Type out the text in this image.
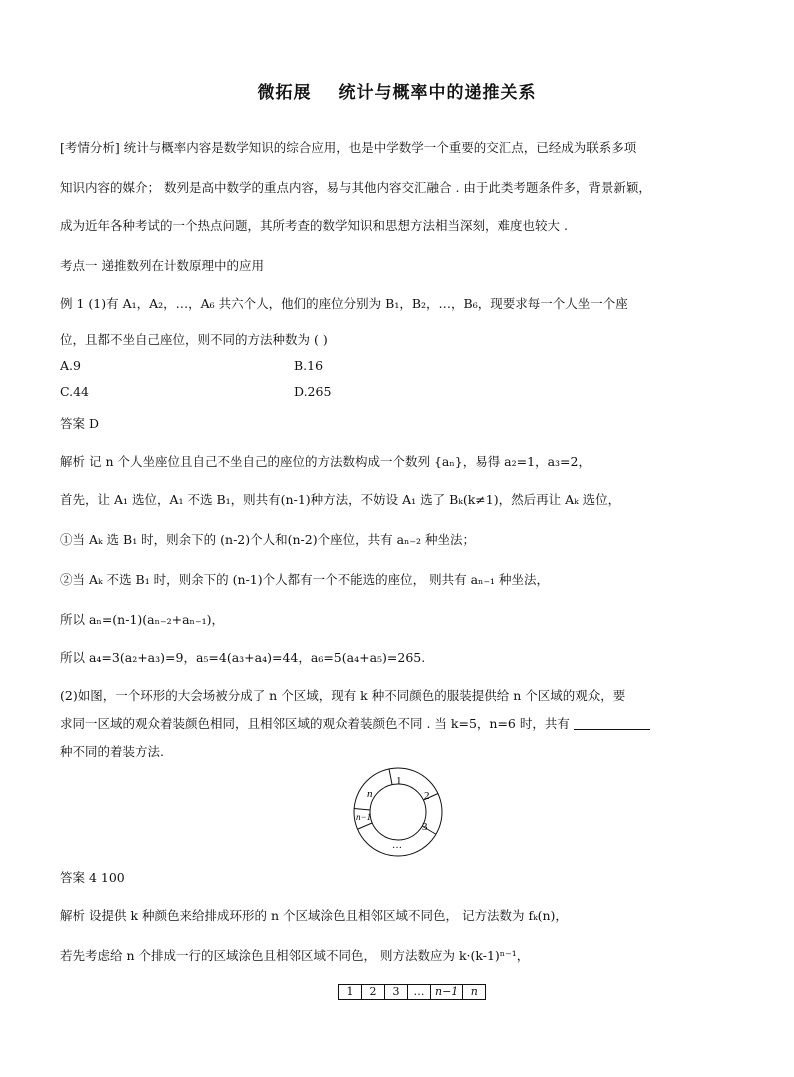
微拓展 统计与概率中的递推关系
[考情分析] 统计与概率内容是数学知识的综合应用，也是中学数学一个重要的交汇点，已经成为联系多项
知识内容的媒介； 数列是高中数学的重点内容，易与其他内容交汇融合 . 由于此类考题条件多，背景新颖，
成为近年各种考试的一个热点问题，其所考查的数学知识和思想方法相当深刻，难度也较大 .
考点一 递推数列在计数原理中的应用
例 1 (1)有 A₁，A₂，…，A₆ 共六个人，他们的座位分别为 B₁，B₂，…，B₆，现要求每一个人坐一个座
位，且都不坐自己座位，则不同的方法种数为 ( )
A.9	B.16
C.44	D.265
答案 D
解析 记 n 个人坐座位且自己不坐自己的座位的方法数构成一个数列 {aₙ}，易得 a₂=1，a₃=2，
首先，让 A₁ 选位，A₁ 不选 B₁，则共有(n-1)种方法，不妨设 A₁ 选了 Bₖ(k≠1)，然后再让 Aₖ 选位，
①当 Aₖ 选 B₁ 时，则余下的 (n-2)个人和(n-2)个座位，共有 aₙ₋₂ 种坐法；
②当 Aₖ 不选 B₁ 时，则余下的 (n-1)个人都有一个不能选的座位， 则共有 aₙ₋₁ 种坐法，
所以 aₙ=(n-1)(aₙ₋₂+aₙ₋₁)，
所以 a₄=3(a₂+a₃)=9，a₅=4(a₃+a₄)=44，a₆=5(a₄+a₅)=265.
(2)如图，一个环形的大会场被分成了 n 个区域，现有 k 种不同颜色的服装提供给 n 个区域的观众，要
求同一区域的观众着装颜色相同，且相邻区域的观众着装颜色不同 . 当 k=5，n=6 时，共有
种不同的着装方法.
1
2
3
…
n−1
n
答案 4 100
解析 设提供 k 种颜色来给排成环形的 n 个区域涂色且相邻区域不同色， 记方法数为 fₖ(n)，
若先考虑给 n 个排成一行的区域涂色且相邻区域不同色， 则方法数应为 k·(k-1)ⁿ⁻¹，
1	2	3	… n−1	n
